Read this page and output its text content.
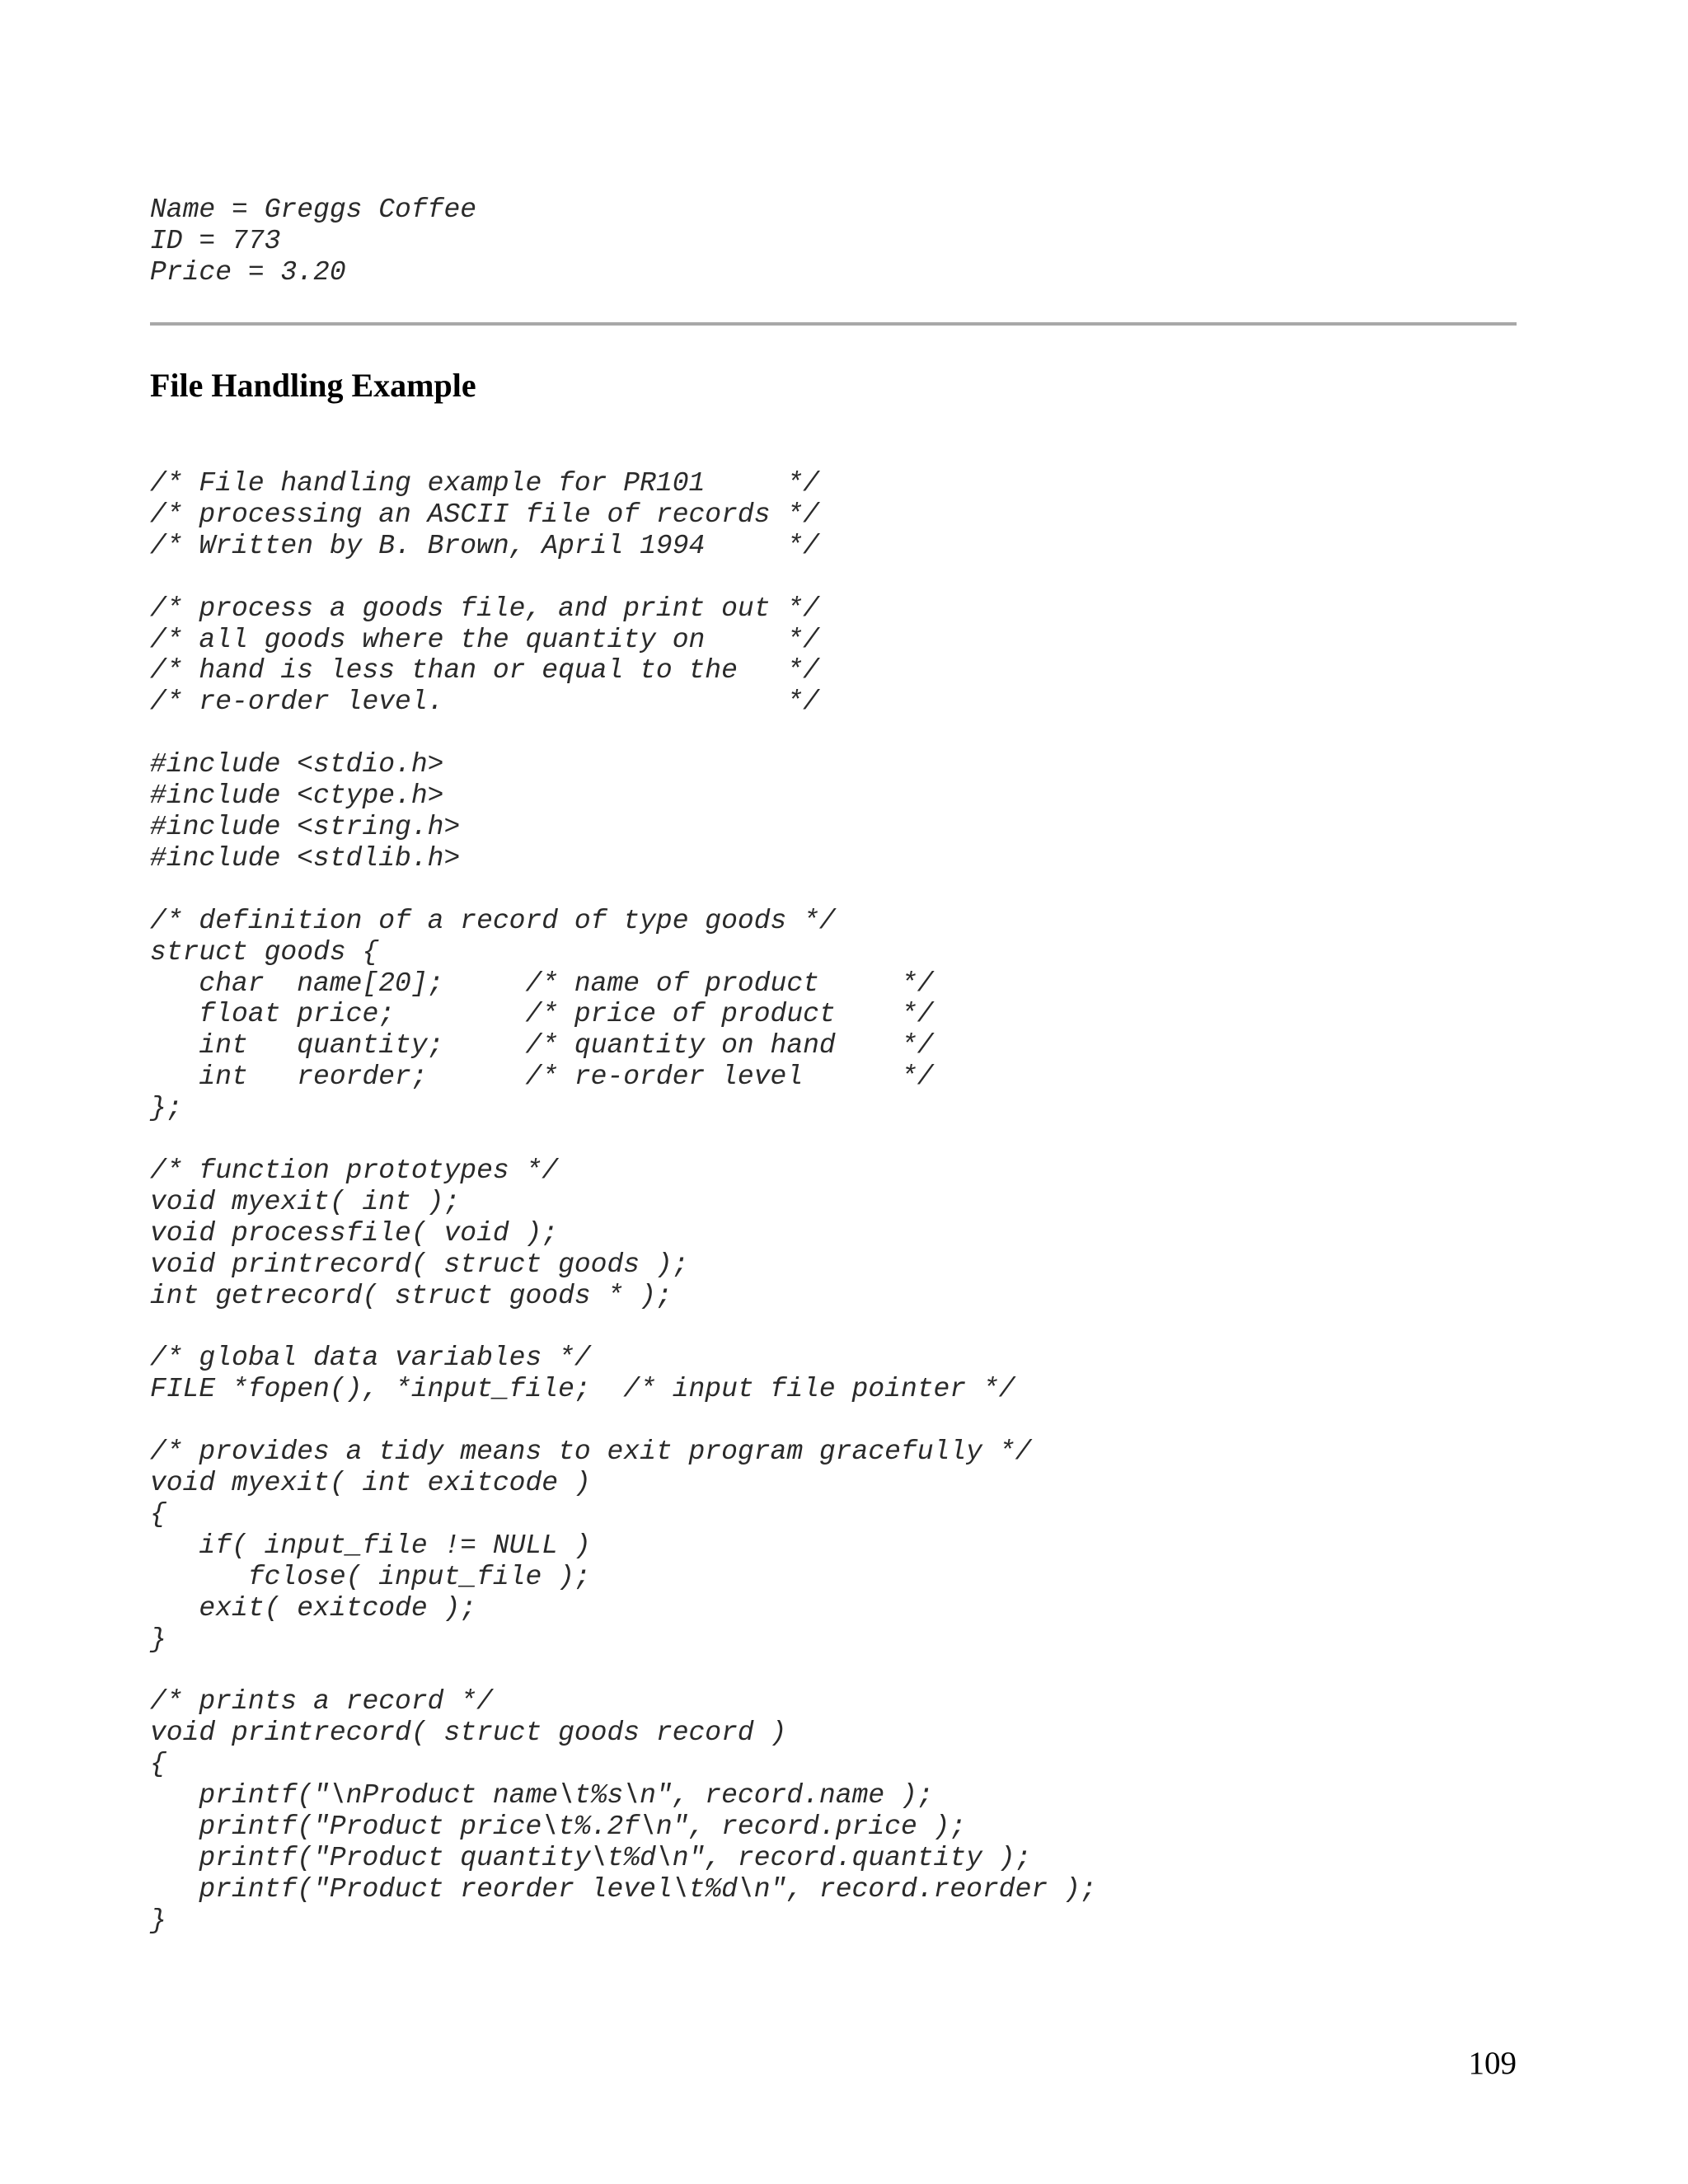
Name = Greggs Coffee
ID = 773
Price = 3.20
File Handling Example
/* File handling example for PR101     */
/* processing an ASCII file of records */
/* Written by B. Brown, April 1994     */

/* process a goods file, and print out */
/* all goods where the quantity on     */
/* hand is less than or equal to the   */
/* re-order level.                     */

#include <stdio.h>
#include <ctype.h>
#include <string.h>
#include <stdlib.h>

/* definition of a record of type goods */
struct goods {
char  name[20];     /* name of product     */
float price;        /* price of product    */
int   quantity;     /* quantity on hand    */
int   reorder;      /* re-order level      */
};

/* function prototypes */
void myexit( int );
void processfile( void );
void printrecord( struct goods );
int getrecord( struct goods * );

/* global data variables */
FILE *fopen(), *input_file;  /* input file pointer */

/* provides a tidy means to exit program gracefully */
void myexit( int exitcode )
{
if( input_file != NULL )
fclose( input_file );
exit( exitcode );
}

/* prints a record */
void printrecord( struct goods record )
{
printf("\nProduct name\t%s\n", record.name );
printf("Product price\t%.2f\n", record.price );
printf("Product quantity\t%d\n", record.quantity );
printf("Product reorder level\t%d\n", record.reorder );
}
109
